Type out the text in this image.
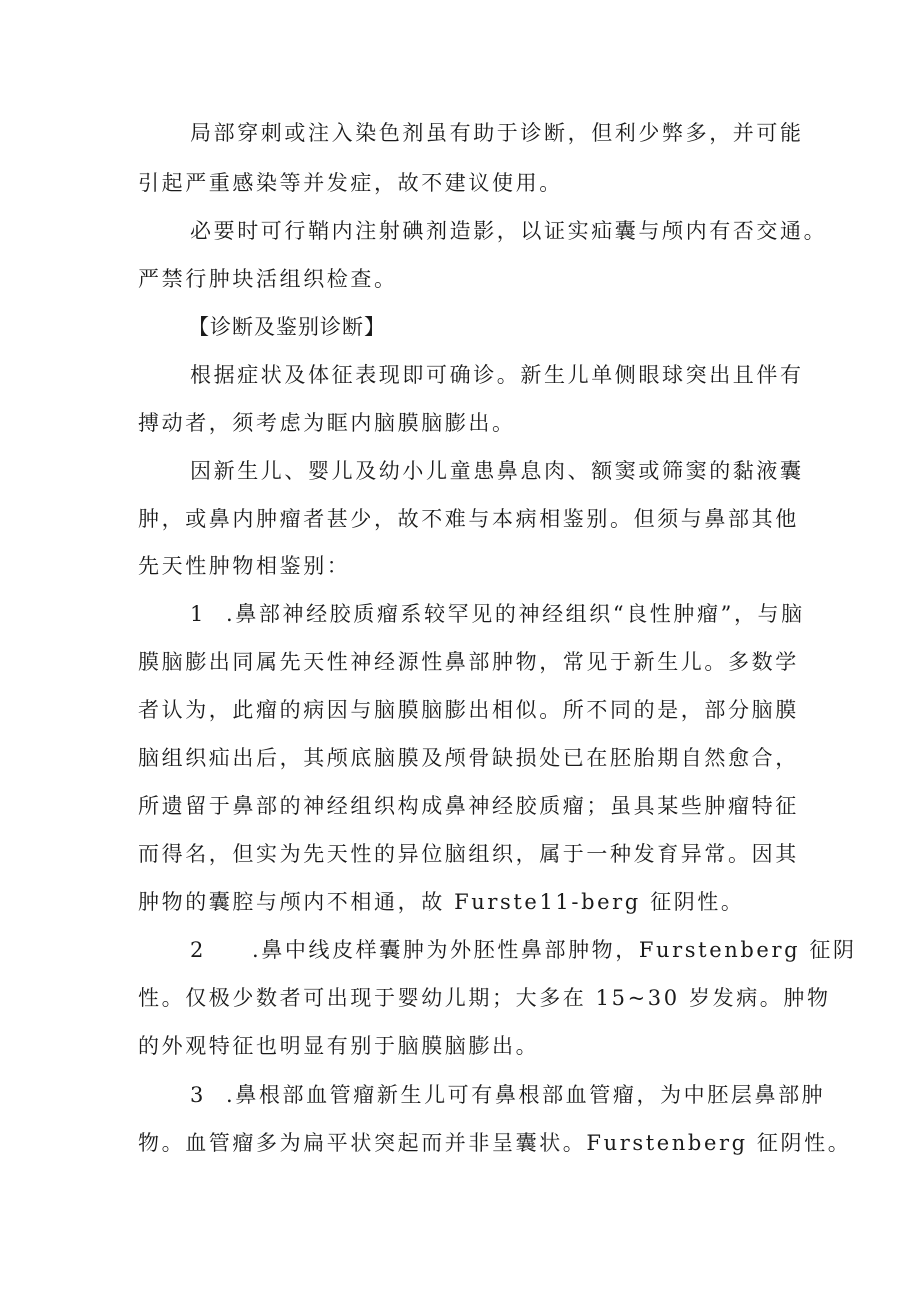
局部穿刺或注入染色剂虽有助于诊断，但利少弊多，并可能
引起严重感染等并发症，故不建议使用。
必要时可行鞘内注射碘剂造影，以证实疝囊与颅内有否交通。
严禁行肿块活组织检查。
【诊断及鉴别诊断】
根据症状及体征表现即可确诊。新生儿单侧眼球突出且伴有
搏动者，须考虑为眶内脑膜脑膨出。
因新生儿、婴儿及幼小儿童患鼻息肉、额窦或筛窦的黏液囊
肿，或鼻内肿瘤者甚少，故不难与本病相鉴别。但须与鼻部其他
先天性肿物相鉴别：
1 .鼻部神经胶质瘤系较罕见的神经组织“良性肿瘤”，与脑
膜脑膨出同属先天性神经源性鼻部肿物，常见于新生儿。多数学
者认为，此瘤的病因与脑膜脑膨出相似。所不同的是，部分脑膜
脑组织疝出后，其颅底脑膜及颅骨缺损处已在胚胎期自然愈合，
所遗留于鼻部的神经组织构成鼻神经胶质瘤；虽具某些肿瘤特征
而得名，但实为先天性的异位脑组织，属于一种发育异常。因其
肿物的囊腔与颅内不相通，故 Furste11-berg 征阴性。
2 .鼻中线皮样囊肿为外胚性鼻部肿物，Furstenberg 征阴
性。仅极少数者可出现于婴幼儿期；大多在 15~30 岁发病。肿物
的外观特征也明显有别于脑膜脑膨出。
3 .鼻根部血管瘤新生儿可有鼻根部血管瘤，为中胚层鼻部肿
物。血管瘤多为扁平状突起而并非呈囊状。Furstenberg 征阴性。
